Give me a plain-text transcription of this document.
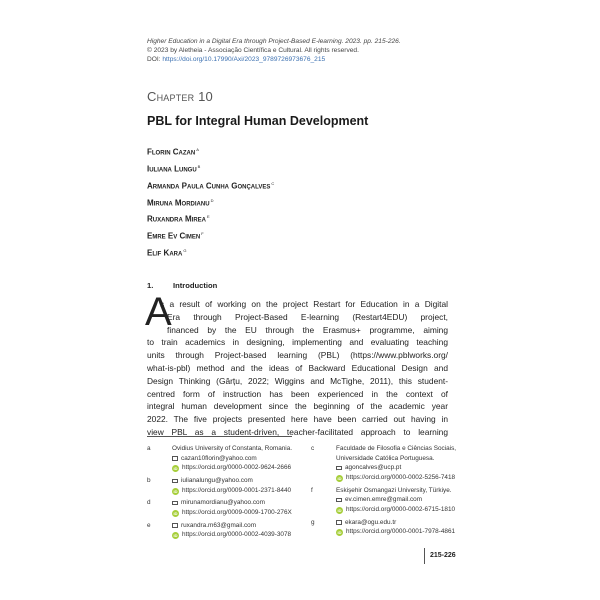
Higher Education in a Digital Era through Project-Based E-learning. 2023. pp. 215-226.
© 2023 by Aletheia - Associação Científica e Cultural. All rights reserved.
DOI: https://doi.org/10.17990/Axi/2023_9789726973676_215
Chapter 10
PBL for Integral Human Development
Florin Cazan$^a$
Iuliana Lungu$^b$
Armanda Paula Cunha Gonçalves$^c$
Miruna Mordianu$^d$
Ruxandra Mirea$^e$
Emre Ev Cimen$^f$
Elif Kara$^g$
1.	Introduction
A
s a result of working on the project Restart for Education in a Digital
Era through Project-Based E-learning (Restart4EDU) project,
financed by the EU through the Erasmus+ programme, aiming
to train academics in designing, implementing and evaluating teaching
units through Project-based learning (PBL) (https://www.pblworks.org/
what-is-pbl) method and the ideas of Backward Educational Design and
Design Thinking (Gârțu, 2022; Wiggins and McTighe, 2011), this student-
centred form of instruction has been experienced in the context of
integral human development since the beginning of the academic year
2022. The five projects presented here have been carried out having in
view PBL as a student-driven, teacher-facilitated approach to learning
a	Ovidius University of Constanta, Romania.
cazan10florin@yahoo.com
iD https://orcid.org/0000-0002-9624-2666
b	iulianalungu@yahoo.com
iD https://orcid.org/0009-0001-2371-8440
d	mirunamordianu@yahoo.com
iD https://orcid.org/0009-0009-1700-276X
e	ruxandra.m63@gmail.com
iD https://orcid.org/0000-0002-4039-3078
c	Faculdade de Filosofia e Ciências Sociais,
Universidade Católica Portuguesa.
agoncalves@ucp.pt
iD https://orcid.org/0000-0002-5256-7418
f	Eskişehir Osmangazi University, Türkiye.
ev.cimen.emre@gmail.com
iD https://orcid.org/0000-0002-6715-1810
g	ekara@ogu.edu.tr
iD https://orcid.org/0000-0001-7978-4861
215-226
